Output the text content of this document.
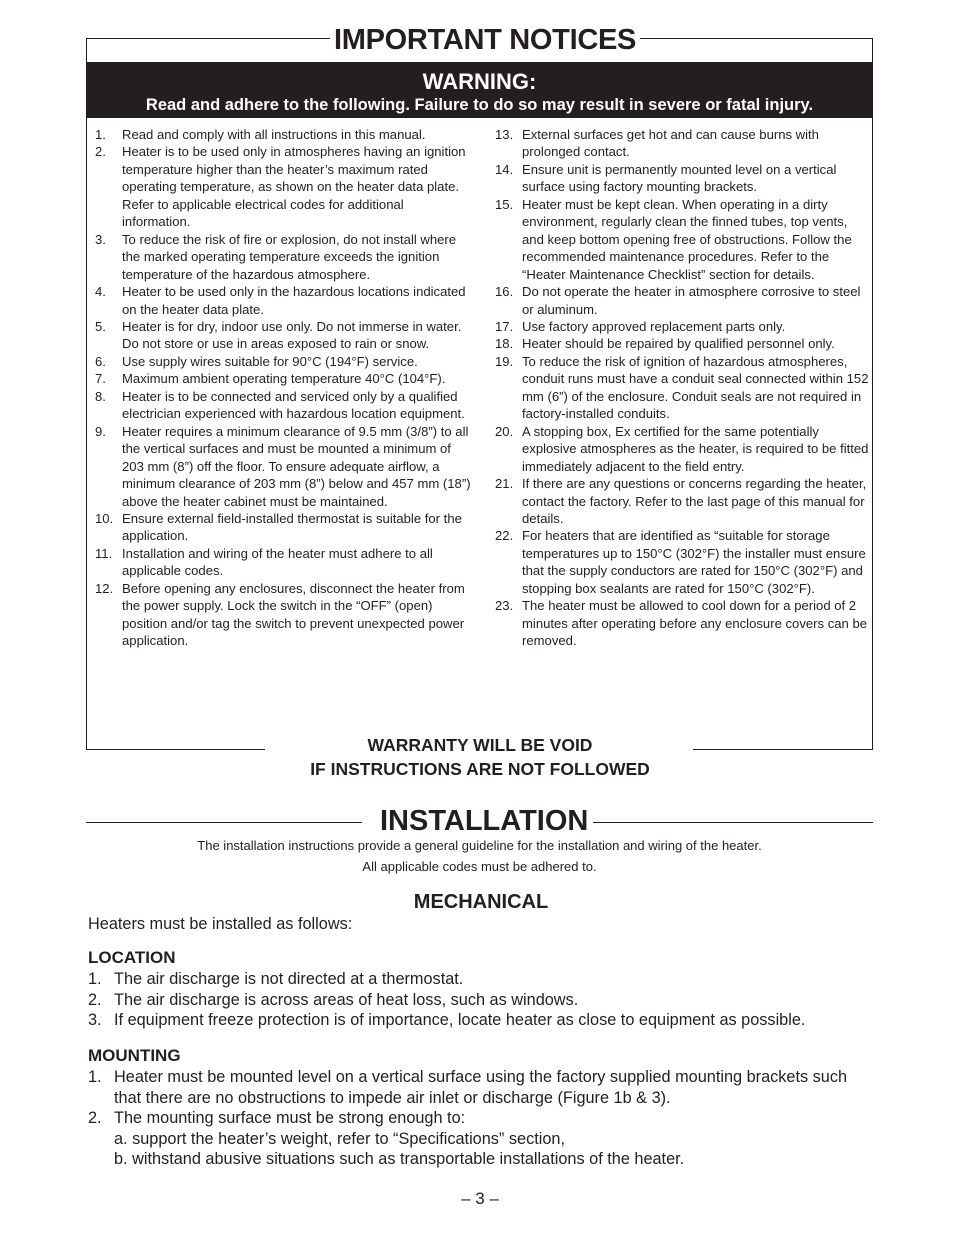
IMPORTANT NOTICES
WARNING:
Read and adhere to the following. Failure to do so may result in severe or fatal injury.
1. Read and comply with all instructions in this manual.
2. Heater is to be used only in atmospheres having an ignition temperature higher than the heater’s maximum rated operating temperature, as shown on the heater data plate. Refer to applicable electrical codes for additional information.
3. To reduce the risk of fire or explosion, do not install where the marked operating temperature exceeds the ignition temperature of the hazardous atmosphere.
4. Heater to be used only in the hazardous locations indicated on the heater data plate.
5. Heater is for dry, indoor use only. Do not immerse in water. Do not store or use in areas exposed to rain or snow.
6. Use supply wires suitable for 90°C (194°F) service.
7. Maximum ambient operating temperature 40°C (104°F).
8. Heater is to be connected and serviced only by a qualified electrician experienced with hazardous location equipment.
9. Heater requires a minimum clearance of 9.5 mm (3/8”) to all the vertical surfaces and must be mounted a minimum of 203 mm (8”) off the floor. To ensure adequate airflow, a minimum clearance of 203 mm (8”) below and 457 mm (18”) above the heater cabinet must be maintained.
10. Ensure external field-installed thermostat is suitable for the application.
11. Installation and wiring of the heater must adhere to all applicable codes.
12. Before opening any enclosures, disconnect the heater from the power supply. Lock the switch in the “OFF” (open) position and/or tag the switch to prevent unexpected power application.
13. External surfaces get hot and can cause burns with prolonged contact.
14. Ensure unit is permanently mounted level on a vertical surface using factory mounting brackets.
15. Heater must be kept clean. When operating in a dirty environment, regularly clean the finned tubes, top vents, and keep bottom opening free of obstructions. Follow the recommended maintenance procedures. Refer to the “Heater Maintenance Checklist” section for details.
16. Do not operate the heater in atmosphere corrosive to steel or aluminum.
17. Use factory approved replacement parts only.
18. Heater should be repaired by qualified personnel only.
19. To reduce the risk of ignition of hazardous atmospheres, conduit runs must have a conduit seal connected within 152 mm (6”) of the enclosure. Conduit seals are not required in factory-installed conduits.
20. A stopping box, Ex certified for the same potentially explosive atmospheres as the heater, is required to be fitted immediately adjacent to the field entry.
21. If there are any questions or concerns regarding the heater, contact the factory. Refer to the last page of this manual for details.
22. For heaters that are identified as “suitable for storage temperatures up to 150°C (302°F) the installer must ensure that the supply conductors are rated for 150°C (302°F) and stopping box sealants are rated for 150°C (302°F).
23. The heater must be allowed to cool down for a period of 2 minutes after operating before any enclosure covers can be removed.
WARRANTY WILL BE VOID
IF INSTRUCTIONS ARE NOT FOLLOWED
INSTALLATION
The installation instructions provide a general guideline for the installation and wiring of the heater.
All applicable codes must be adhered to.
MECHANICAL
Heaters must be installed as follows:
LOCATION
1. The air discharge is not directed at a thermostat.
2. The air discharge is across areas of heat loss, such as windows.
3. If equipment freeze protection is of importance, locate heater as close to equipment as possible.
MOUNTING
1. Heater must be mounted level on a vertical surface using the factory supplied mounting brackets such that there are no obstructions to impede air inlet or discharge (Figure 1b & 3).
2. The mounting surface must be strong enough to:
a. support the heater’s weight, refer to “Specifications” section,
b. withstand abusive situations such as transportable installations of the heater.
– 3 –
